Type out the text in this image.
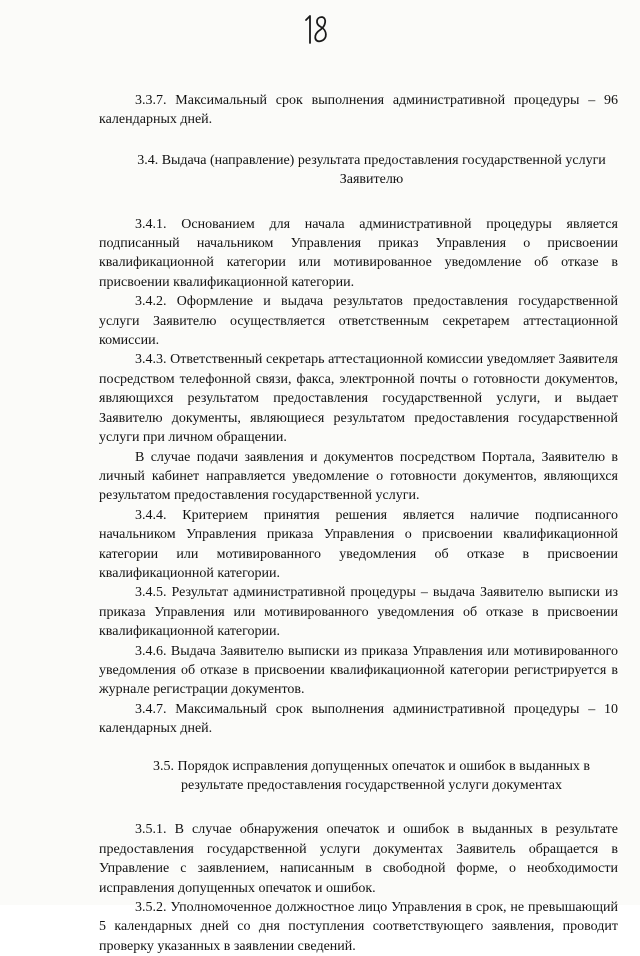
3.3.7. Максимальный срок выполнения административной процедуры – 96 календарных дней.

3.4. Выдача (направление) результата предоставления государственной услуги Заявителю

3.4.1. Основанием для начала административной процедуры является подписанный начальником Управления приказ Управления о присвоении квалификационной категории или мотивированное уведомление об отказе в присвоении квалификационной категории.

3.4.2. Оформление и выдача результатов предоставления государственной услуги Заявителю осуществляется ответственным секретарем аттестационной комиссии.

3.4.3. Ответственный секретарь аттестационной комиссии уведомляет Заявителя посредством телефонной связи, факса, электронной почты о готовности документов, являющихся результатом предоставления государственной услуги, и выдает Заявителю документы, являющиеся результатом предоставления государственной услуги при личном обращении.

В случае подачи заявления и документов посредством Портала, Заявителю в личный кабинет направляется уведомление о готовности документов, являющихся результатом предоставления государственной услуги.

3.4.4. Критерием принятия решения является наличие подписанного начальником Управления приказа Управления о присвоении квалификационной категории или мотивированного уведомления об отказе в присвоении квалификационной категории.

3.4.5. Результат административной процедуры – выдача Заявителю выписки из приказа Управления или мотивированного уведомления об отказе в присвоении квалификационной категории.

3.4.6. Выдача Заявителю выписки из приказа Управления или мотивированного уведомления об отказе в присвоении квалификационной категории регистрируется в журнале регистрации документов.

3.4.7. Максимальный срок выполнения административной процедуры – 10 календарных дней.

3.5. Порядок исправления допущенных опечаток и ошибок в выданных в результате предоставления государственной услуги документах

3.5.1. В случае обнаружения опечаток и ошибок в выданных в результате предоставления государственной услуги документах Заявитель обращается в Управление с заявлением, написанным в свободной форме, о необходимости исправления допущенных опечаток и ошибок.

3.5.2. Уполномоченное должностное лицо Управления в срок, не превышающий 5 календарных дней со дня поступления соответствующего заявления, проводит проверку указанных в заявлении сведений.
